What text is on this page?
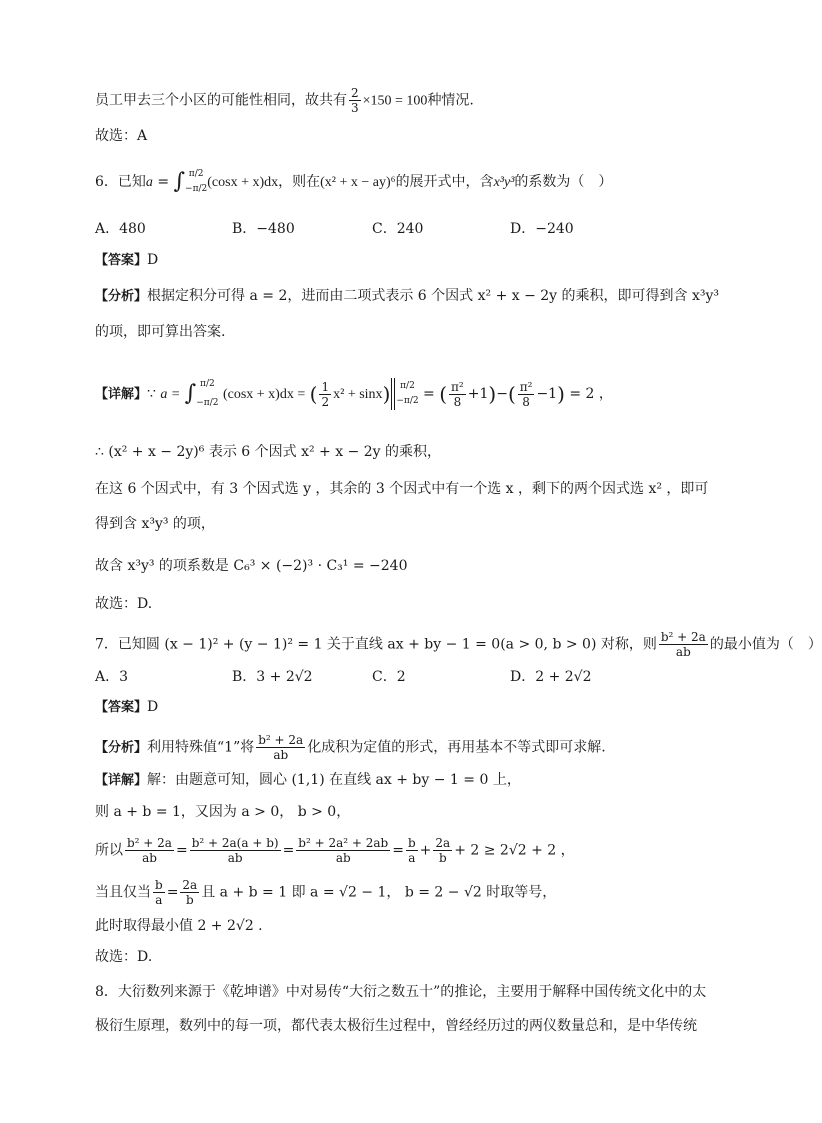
员工甲去三个小区的可能性相同，故共有 $\frac{2}{3} \times 150 = 100$种情况.
故选：A
6．已知a = ∫ π/2
−π/2 (cosx + x)dx，则在(x² + x − ay)⁶的展开式中，含x³y³的系数为（　）
A．480	B．−480	C．240	D．−240
【答案】D
【分析】根据定积分可得 a = 2，进而由二项式表示 6 个因式 x² + x − 2y 的乘积，即可得到含 x³y³
的项，即可算出答案.
【详解】∵ a = ∫ π/2
−π/2
(cosx + x)dx = ( $\frac{1}{2} x^2 + \sin x$)	π/2
−π/2 = ( $\frac{\text{π²}}{8} +1)-( \frac{\text{π²}}{8} -1) = 2$ ，
∴ (x² + x − 2y)⁶ 表示 6 个因式 x² + x − 2y 的乘积，
在这 6 个因式中，有 3 个因式选 y ，其余的 3 个因式中有一个选 x ，剩下的两个因式选 x² ，即可
得到含 x³y³ 的项，
故含 x³y³ 的项系数是 C₆³ × (−2)³ · C₃¹ = −240
故选：D.
7．已知圆 (x − 1)² + (y − 1)² = 1 关于直线 ax + by − 1 = 0(a > 0, b > 0) 对称，则 $\frac{\text{b² + 2a}}{ab}$ 的最小值为（　）
A．3	B．3 + 2√2	C．2	D．2 + 2√2
【答案】D
【分析】利用特殊值“1”将 $\frac{\text{b² + 2a}}{ab}$ 化成积为定值的形式，再用基本不等式即可求解.
【详解】解：由题意可知，圆心 (1,1) 在直线 ax + by − 1 = 0 上，
则 a + b = 1，又因为 a > 0， b > 0，
所以 $\frac{\text{b² + 2a}}{ab} = \frac{\text{b² + 2a(a + b)}}{ab} = \frac{\text{b² + 2a² + 2ab}}{ab} = \frac{b}{a} + \frac{2a}{b} + 2 \ge 2√2 + 2$ ，
当且仅当 $\frac{b}{a} = \frac{2a}{b}$ 且 a + b = 1 即 a = √2 − 1， b = 2 − √2 时取等号，
此时取得最小值 2 + 2√2 .
故选：D.
8．大衍数列来源于《乾坤谱》中对易传“大衍之数五十”的推论，主要用于解释中国传统文化中的太
极衍生原理，数列中的每一项，都代表太极衍生过程中，曾经经历过的两仪数量总和，是中华传统
